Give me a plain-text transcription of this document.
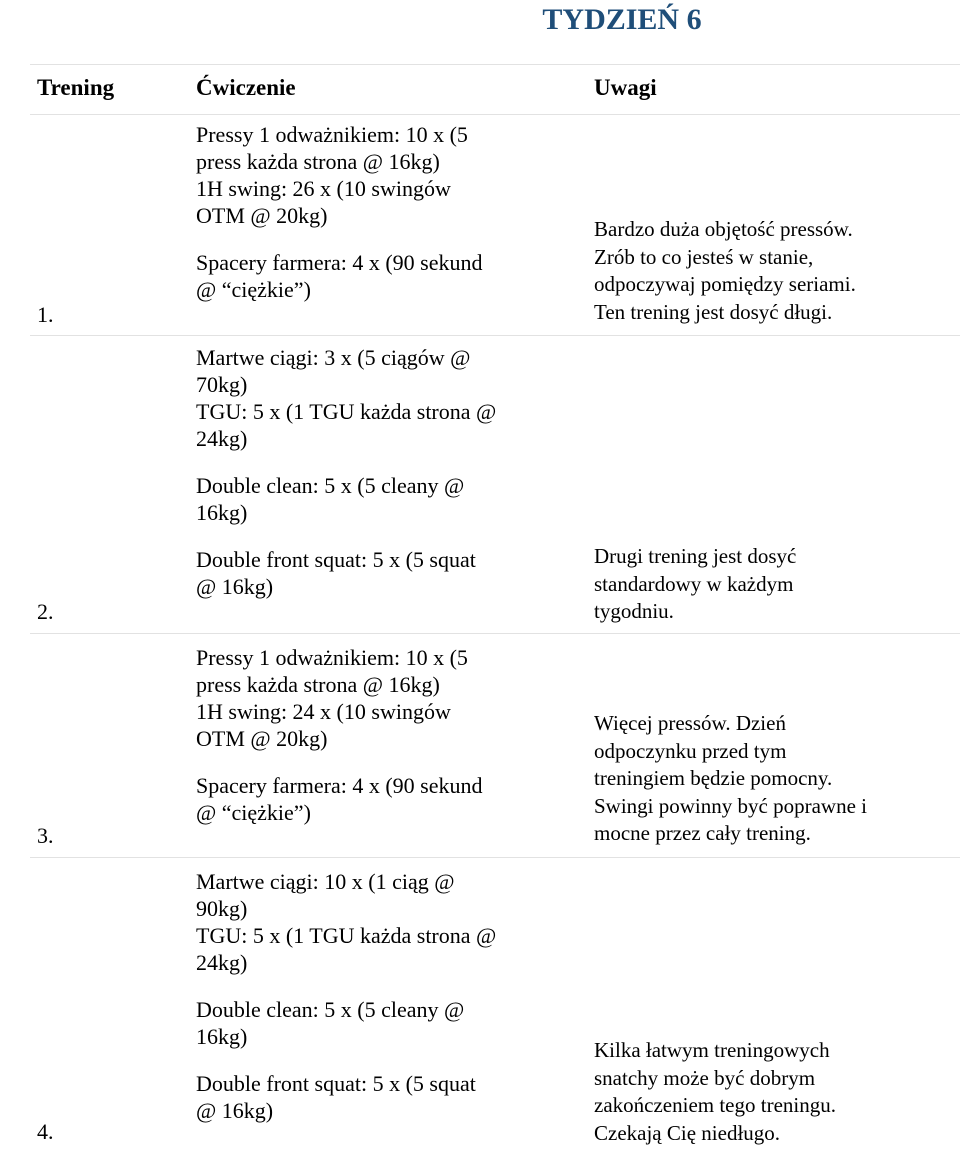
TYDZIEŃ 6
Trening	Ćwiczenie	Uwagi
Pressy 1 odważnikiem: 10 x (5
press każda strona @ 16kg)
1H swing: 26 x (10 swingów
OTM @ 20kg)
Spacery farmera: 4 x (90 sekund
@ “ciężkie”)
Bardzo duża objętość pressów.
Zrób to co jesteś w stanie,
odpoczywaj pomiędzy seriami.
Ten trening jest dosyć długi.
1.
Martwe ciągi: 3 x (5 ciągów @
70kg)
TGU: 5 x (1 TGU każda strona @
24kg)
Double clean: 5 x (5 cleany @
16kg)
Double front squat: 5 x (5 squat
@ 16kg)
Drugi trening jest dosyć
standardowy w każdym
tygodniu.
2.
Pressy 1 odważnikiem: 10 x (5
press każda strona @ 16kg)
1H swing: 24 x (10 swingów
OTM @ 20kg)
Spacery farmera: 4 x (90 sekund
@ “ciężkie”)
Więcej pressów. Dzień
odpoczynku przed tym
treningiem będzie pomocny.
Swingi powinny być poprawne i
mocne przez cały trening.
3.
Martwe ciągi: 10 x (1 ciąg @
90kg)
TGU: 5 x (1 TGU każda strona @
24kg)
Double clean: 5 x (5 cleany @
16kg)
Double front squat: 5 x (5 squat
@ 16kg)
Kilka łatwym treningowych
snatchy może być dobrym
zakończeniem tego treningu.
Czekają Cię niedługo.
4.
